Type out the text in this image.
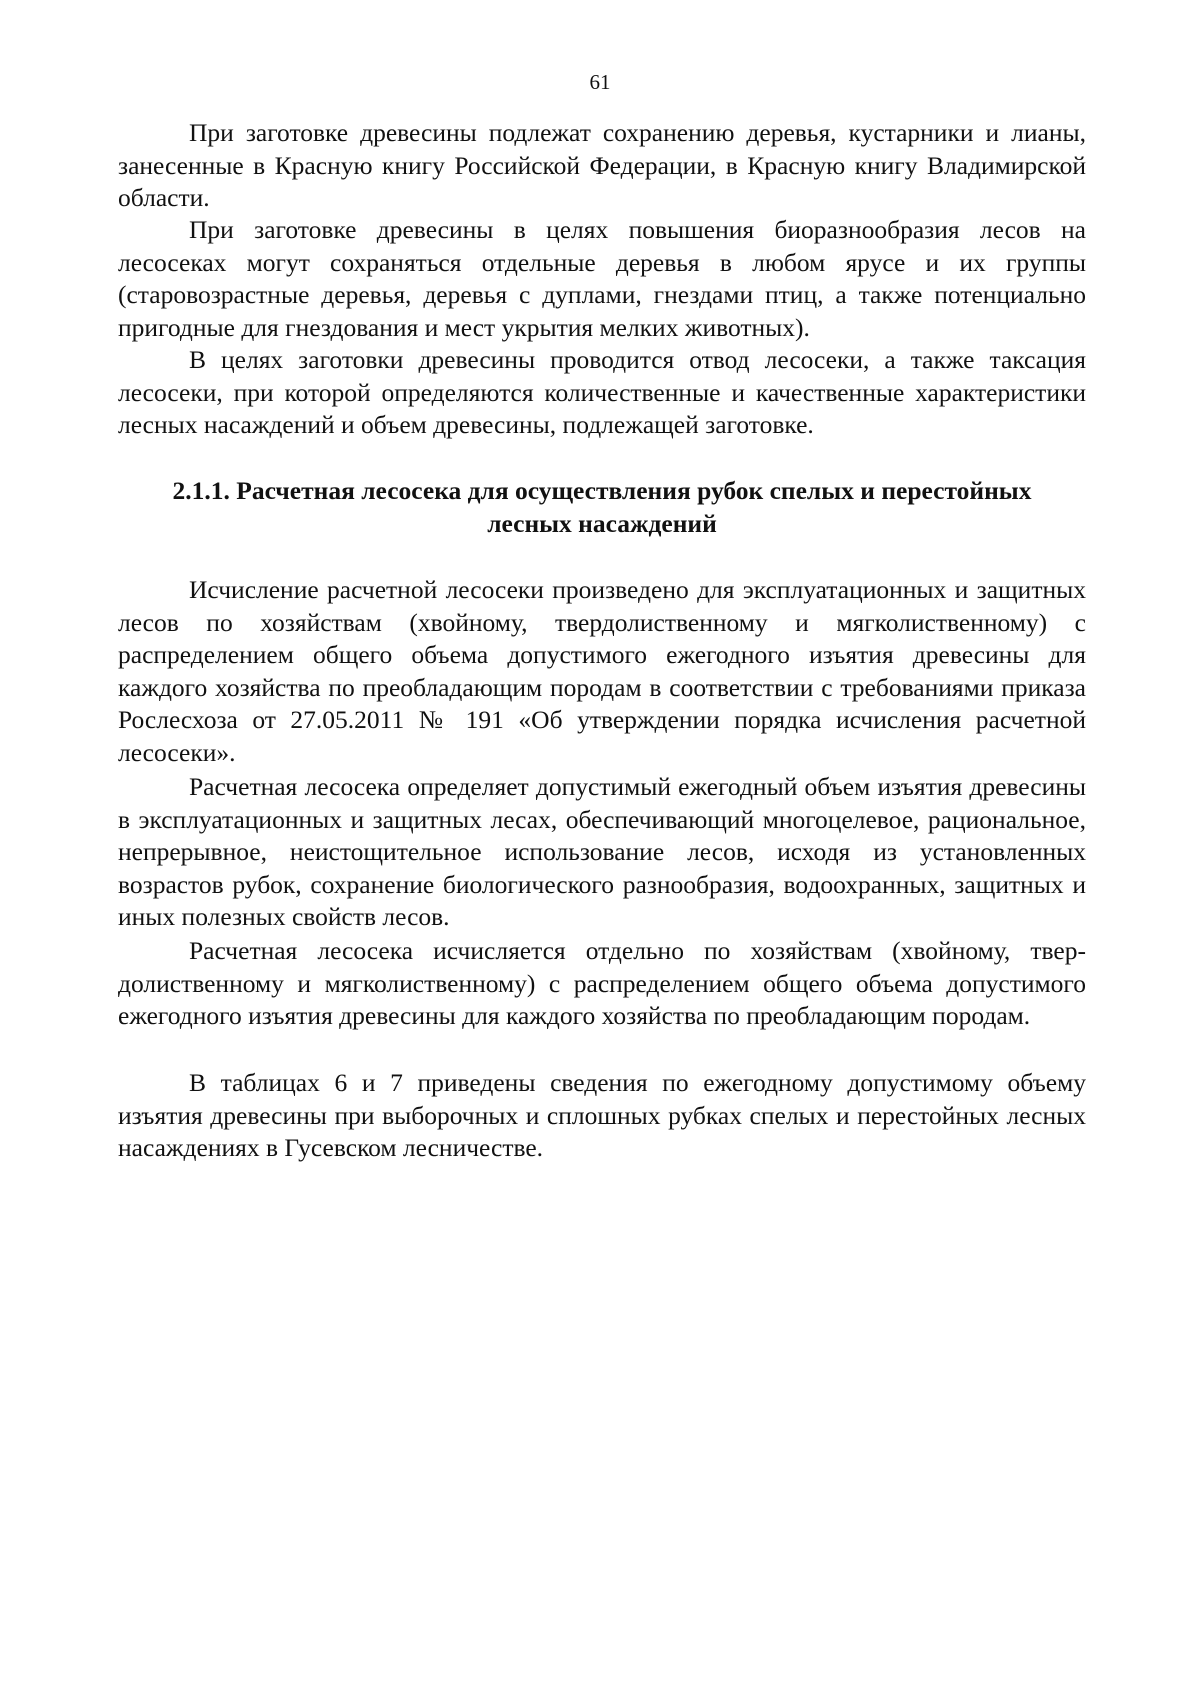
61

При заготовке древесины подлежат сохранению деревья, кустарники и лианы, занесенные в Красную книгу Российской Федерации, в Красную книгу Владимирской области.

При заготовке древесины в целях повышения биоразнообразия лесов на лесосеках могут сохраняться отдельные деревья в любом ярусе и их группы (старовозрастные деревья, деревья с дуплами, гнездами птиц, а также потенциально пригодные для гнездования и мест укрытия мелких животных).

В целях заготовки древесины проводится отвод лесосеки, а также таксация лесосеки, при которой определяются количественные и качественные характеристики лесных насаждений и объем древесины, подлежащей заготовке.

2.1.1. Расчетная лесосека для осуществления рубок спелых и перестойных
лесных насаждений

Исчисление расчетной лесосеки произведено для эксплуатационных и защитных лесов по хозяйствам (хвойному, твердолиственному и мягколиственному) с распределением общего объема допустимого ежегодного изъятия древесины для каждого хозяйства по преобладающим породам в соответствии с требованиями приказа Рослесхоза от 27.05.2011 № 191 «Об утверждении порядка исчисления расчетной лесосеки».

Расчетная лесосека определяет допустимый ежегодный объем изъятия древесины в эксплуатационных и защитных лесах, обеспечивающий многоцелевое, рациональное, непрерывное, неистощительное использование лесов, исходя из установленных возрастов рубок, сохранение биологического разнообразия, водоохранных, защитных и иных полезных свойств лесов.

Расчетная лесосека исчисляется отдельно по хозяйствам (хвойному, твердолиственному и мягколиственному) с распределением общего объема допустимого ежегодного изъятия древесины для каждого хозяйства по преобладающим породам.

В таблицах 6 и 7 приведены сведения по ежегодному допустимому объему изъятия древесины при выборочных и сплошных рубках спелых и перестойных лесных насаждениях в Гусевском лесничестве.
